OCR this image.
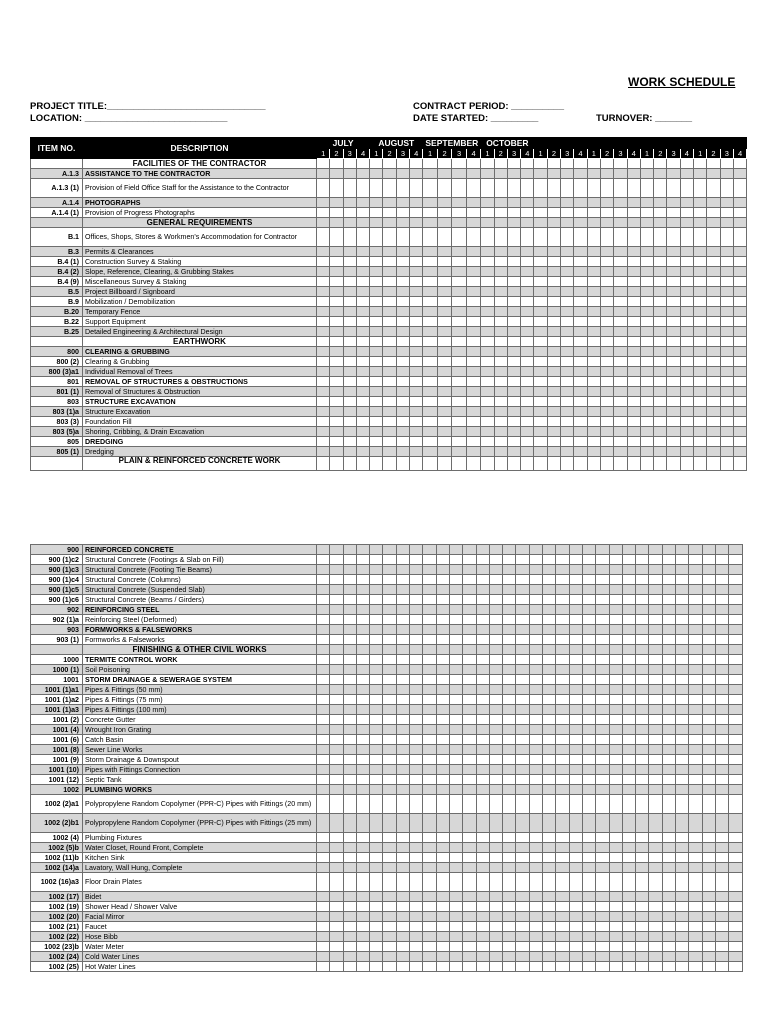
WORK SCHEDULE
PROJECT TITLE:______________________________
LOCATION: ___________________________
CONTRACT PERIOD: __________
DATE STARTED: _________	TURNOVER: _______
ITEM NO.	DESCRIPTION	JULY				AUGUST				SEPTEMBER				OCTOBER																			
		1	2	3	4	1	2	3	4	1	2	3	4	1	2	3	4	1	2	3	4	1	2	3	4	1	2	3	4	1	2	3	4
	FACILITIES OF THE CONTRACTOR																																
A.1.3	ASSISTANCE TO THE CONTRACTOR																																
A.1.3 (1)	Provision of Field Office Staff for the Assistance to the Contractor																																
A.1.4	PHOTOGRAPHS																																
A.1.4 (1)	Provision of Progress Photographs																																
	GENERAL REQUIREMENTS																																
B.1	Offices, Shops, Stores & Workmen's Accommodation for Contractor																																
B.3	Permits & Clearances																																
B.4 (1)	Construction Survey & Staking																																
B.4 (2)	Slope, Reference, Clearing, & Grubbing Stakes																																
B.4 (9)	Miscellaneous Survey & Staking																																
B.5	Project Billboard / Signboard																																
B.9	Mobilization / Demobilization																																
B.20	Temporary Fence																																
B.22	Support Equipment																																
B.25	Detailed Engineering & Architectural Design																																
	EARTHWORK																																
800	CLEARING & GRUBBING																																
800 (2)	Clearing & Grubbing																																
800 (3)a1	Individual Removal of Trees																																
801	REMOVAL OF STRUCTURES & OBSTRUCTIONS																																
801 (1)	Removal of Structures & Obstruction																																
803	STRUCTURE EXCAVATION																																
803 (1)a	Structure Excavation																																
803 (3)	Foundation Fill																																
803 (5)a	Shoring, Cribbing, & Drain Excavation																																
805	DREDGING																																
805 (1)	Dredging																																
	PLAIN & REINFORCED CONCRETE WORK																																
900	REINFORCED CONCRETE																																
900 (1)c2	Structural Concrete (Footings & Slab on Fill)																																
900 (1)c3	Structural Concrete (Footing Tie Beams)																																
900 (1)c4	Structural Concrete (Columns)																																
900 (1)c5	Structural Concrete (Suspended Slab)																																
900 (1)c6	Structural Concrete (Beams / Girders)																																
902	REINFORCING STEEL																																
902 (1)a	Reinforcing Steel (Deformed)																																
903	FORMWORKS & FALSEWORKS																																
903 (1)	Formworks & Falseworks																																
	FINISHING & OTHER CIVIL WORKS																																
1000	TERMITE CONTROL WORK																																
1000 (1)	Soil Poisoning																																
1001	STORM DRAINAGE & SEWERAGE SYSTEM																																
1001 (1)a1	Pipes & Fittings (50 mm)																																
1001 (1)a2	Pipes & Fittings (75 mm)																																
1001 (1)a3	Pipes & Fittings (100 mm)																																
1001 (2)	Concrete Gutter																																
1001 (4)	Wrought Iron Grating																																
1001 (6)	Catch Basin																																
1001 (8)	Sewer Line Works																																
1001 (9)	Storm Drainage & Downspout																																
1001 (10)	Pipes with Fittings Connection																																
1001 (12)	Septic Tank																																
1002	PLUMBING WORKS																																
1002 (2)a1	Polypropylene Random Copolymer (PPR-C) Pipes with Fittings (20 mm)																																
1002 (2)b1	Polypropylene Random Copolymer (PPR-C) Pipes with Fittings (25 mm)																																
1002 (4)	Plumbing Fixtures																																
1002 (5)b	Water Closet, Round Front, Complete																																
1002 (11)b	Kitchen Sink																																
1002 (14)a	Lavatory, Wall Hung, Complete																																
1002 (16)a3	Floor Drain Plates																																
1002 (17)	Bidet																																
1002 (19)	Shower Head / Shower Valve																																
1002 (20)	Facial Mirror																																
1002 (21)	Faucet																																
1002 (22)	Hose Bibb																																
1002 (23)b	Water Meter																																
1002 (24)	Cold Water Lines																																
1002 (25)	Hot Water Lines																																
